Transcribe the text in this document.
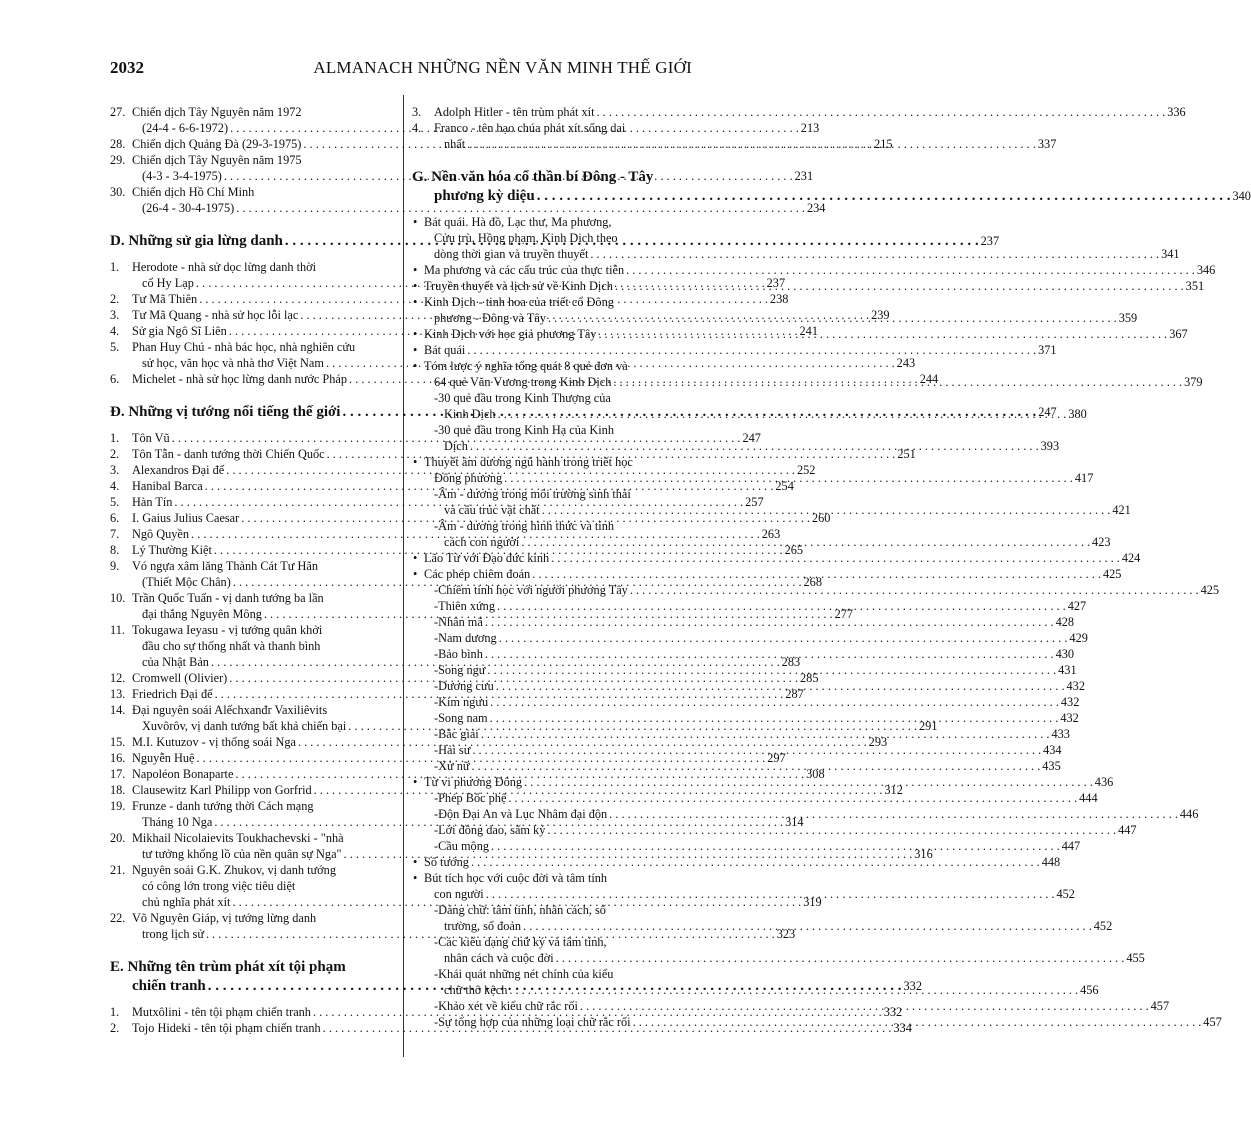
2032	ALMANACH NHỮNG NỀN VĂN MINH THẾ GIỚI
27. Chiến dịch Tây Nguyên năm 1972
(24-4 - 6-6-1972) . . .	213
28. Chiến dịch Quảng Đà (29-3-1975) . . .	215
29. Chiến dịch Tây Nguyên năm 1975
(4-3 - 3-4-1975) . . .	231
30. Chiến dịch Hồ Chí Minh
(26-4 - 30-4-1975) . . .	234
D. Những sử gia lừng danh . . .	237
1.	Herodote - nhà sử dọc lừng danh thời
cổ Hy Lạp . . .	237
2.	Tư Mã Thiên . . .	238
3.	Tư Mã Quang - nhà sử học lỗi lạc . . .	239
4.	Sử gia Ngô Sĩ Liên . . .	241
5.	Phan Huy Chú - nhà bác học, nhà nghiên cứu
sử học, văn học và nhà thơ Việt Nam . . .	243
6.	Michelet - nhà sử học lừng danh nước Pháp . . .	244
Đ. Những vị tướng nổi tiếng thế giới . . .	247
1.	Tôn Vũ . . .	247
2.	Tôn Tẫn - danh tướng thời Chiến Quốc . . .	251
3.	Alexandros Đại đế . . .	252
4.	Hanibal Barca . . .	254
5.	Hàn Tín . . .	257
6.	I. Gaius Julius Caesar . . .	260
7.	Ngô Quyền . . .	263
8.	Lý Thường Kiệt . . .	265
9.	Vó ngựa xâm lăng Thành Cát Tư Hãn
(Thiết Mộc Chân) . . .	268
10. Trần Quốc Tuấn - vị danh tướng ba lần
đại thắng Nguyên Mông . . .	277
11. Tokugawa Ieyasu - vị tướng quân khởi
đầu cho sự thống nhất và thanh bình
của Nhật Bản . . .	283
12. Cromwell (Olivier) . . .	285
13. Friedrich Đại đế . . .	287
14. Đại nguyên soái Alếchxanđr Vaxiliêvits
Xuvôrôv, vị danh tướng bất khả chiến bại . . .	291
15. M.I. Kutuzov - vị thống soái Nga . . .	293
16. Nguyễn Huệ . . .	297
17. Napoléon Bonaparte . . .	308
18. Clausewitz Karl Philipp von Gorfrid . . .	312
19. Frunze - danh tướng thời Cách mạng
Tháng 10 Nga . . .	314
20. Mikhail Nicolaievits Toukhachevski - "nhà
tư tưởng khổng lồ của nền quân sự Nga" . . .	316
21. Nguyên soái G.K. Zhukov, vị danh tướng
có công lớn trong việc tiêu diệt
chủ nghĩa phát xít . . .	319
22. Võ Nguyên Giáp, vị tướng lừng danh
trong lịch sử . . .	323
E. Những tên trùm phát xít tội phạm
chiến tranh . . .	332
1.	Mutxôlini - tên tội phạm chiến tranh . . .	332
2.	Tojo Hideki - tên tội phạm chiến tranh . . .	334
3.	Adolph Hitler - tên trùm phát xít . . .	336
4.	Franco - tên bạo chúa phát xít sống dai
nhất . . .	337
G. Nền văn hóa cổ thần bí Đông - Tây
phương kỳ diệu . . .	340
• Bát quái. Hà đồ, Lạc thư, Ma phương,
Cửu trù, Hồng phạm, Kinh Dịch theo
dòng thời gian và truyền thuyết . . .	341
• Ma phương và các cấu trúc của thực tiễn . . .	346
• Truyền thuyết và lịch sử về Kinh Dịch . . .	351
• Kinh Dịch - tinh hoa của triết cổ Đông
phương - Đông và Tây . . .	359
• Kinh Dịch với học giả phương Tây . . .	367
• Bát quái . . .	371
• Tóm lược ý nghĩa tổng quát 8 quẻ đơn và
64 quẻ Văn Vương trong Kinh Dịch . . .	379
-30 quẻ đầu trong Kinh Thượng của
Kinh Dịch . . .	380
-30 quẻ đầu trong Kinh Hạ của Kinh
Dịch . . .	393
• Thuyết âm dương ngũ hành trong triết học
Đông phương . . .	417
-Âm - dương trong môi trường sinh thái
và cấu trúc vật chất . . .	421
-Âm - dương trong hình thức và tính
cách con người . . .	423
• Lão Tử với Đạo đức kinh . . .	424
• Các phép chiêm đoán . . .	425
-Chiêm tinh học với người phương Tây . . .	425
-Thiên xứng . . .	427
-Nhân mã . . .	428
-Nam dương . . .	429
-Bảo bình . . .	430
-Song ngư . . .	431
-Dương cưu . . .	432
-Kim ngưu . . .	432
-Song nam . . .	432
-Bắc giải . . .	433
-Hải sư . . .	434
-Xử nữ . . .	435
• Tử vi phương Đông . . .	436
-Phép Bốc phệ . . .	444
-Độn Đại An và Lục Nhâm đại độn . . .	446
-Lời đồng dao, sấm ký . . .	447
-Cầu mộng . . .	447
• Số tướng . . .	448
• Bút tích học với cuộc đời và tâm tính
con người . . .	452
-Dáng chữ: tâm tính, nhân cách, số
trường, số đoản . . .	452
-Các kiểu dạng chữ ký và tâm tính,
nhân cách và cuộc đời . . .	455
-Khái quát những nét chính của kiểu
chữ thô kệch . . .	456
-Khảo xét về kiểu chữ rắc rối . . .	457
-Sự tổng hợp của những loại chữ rắc rối . . .	457
